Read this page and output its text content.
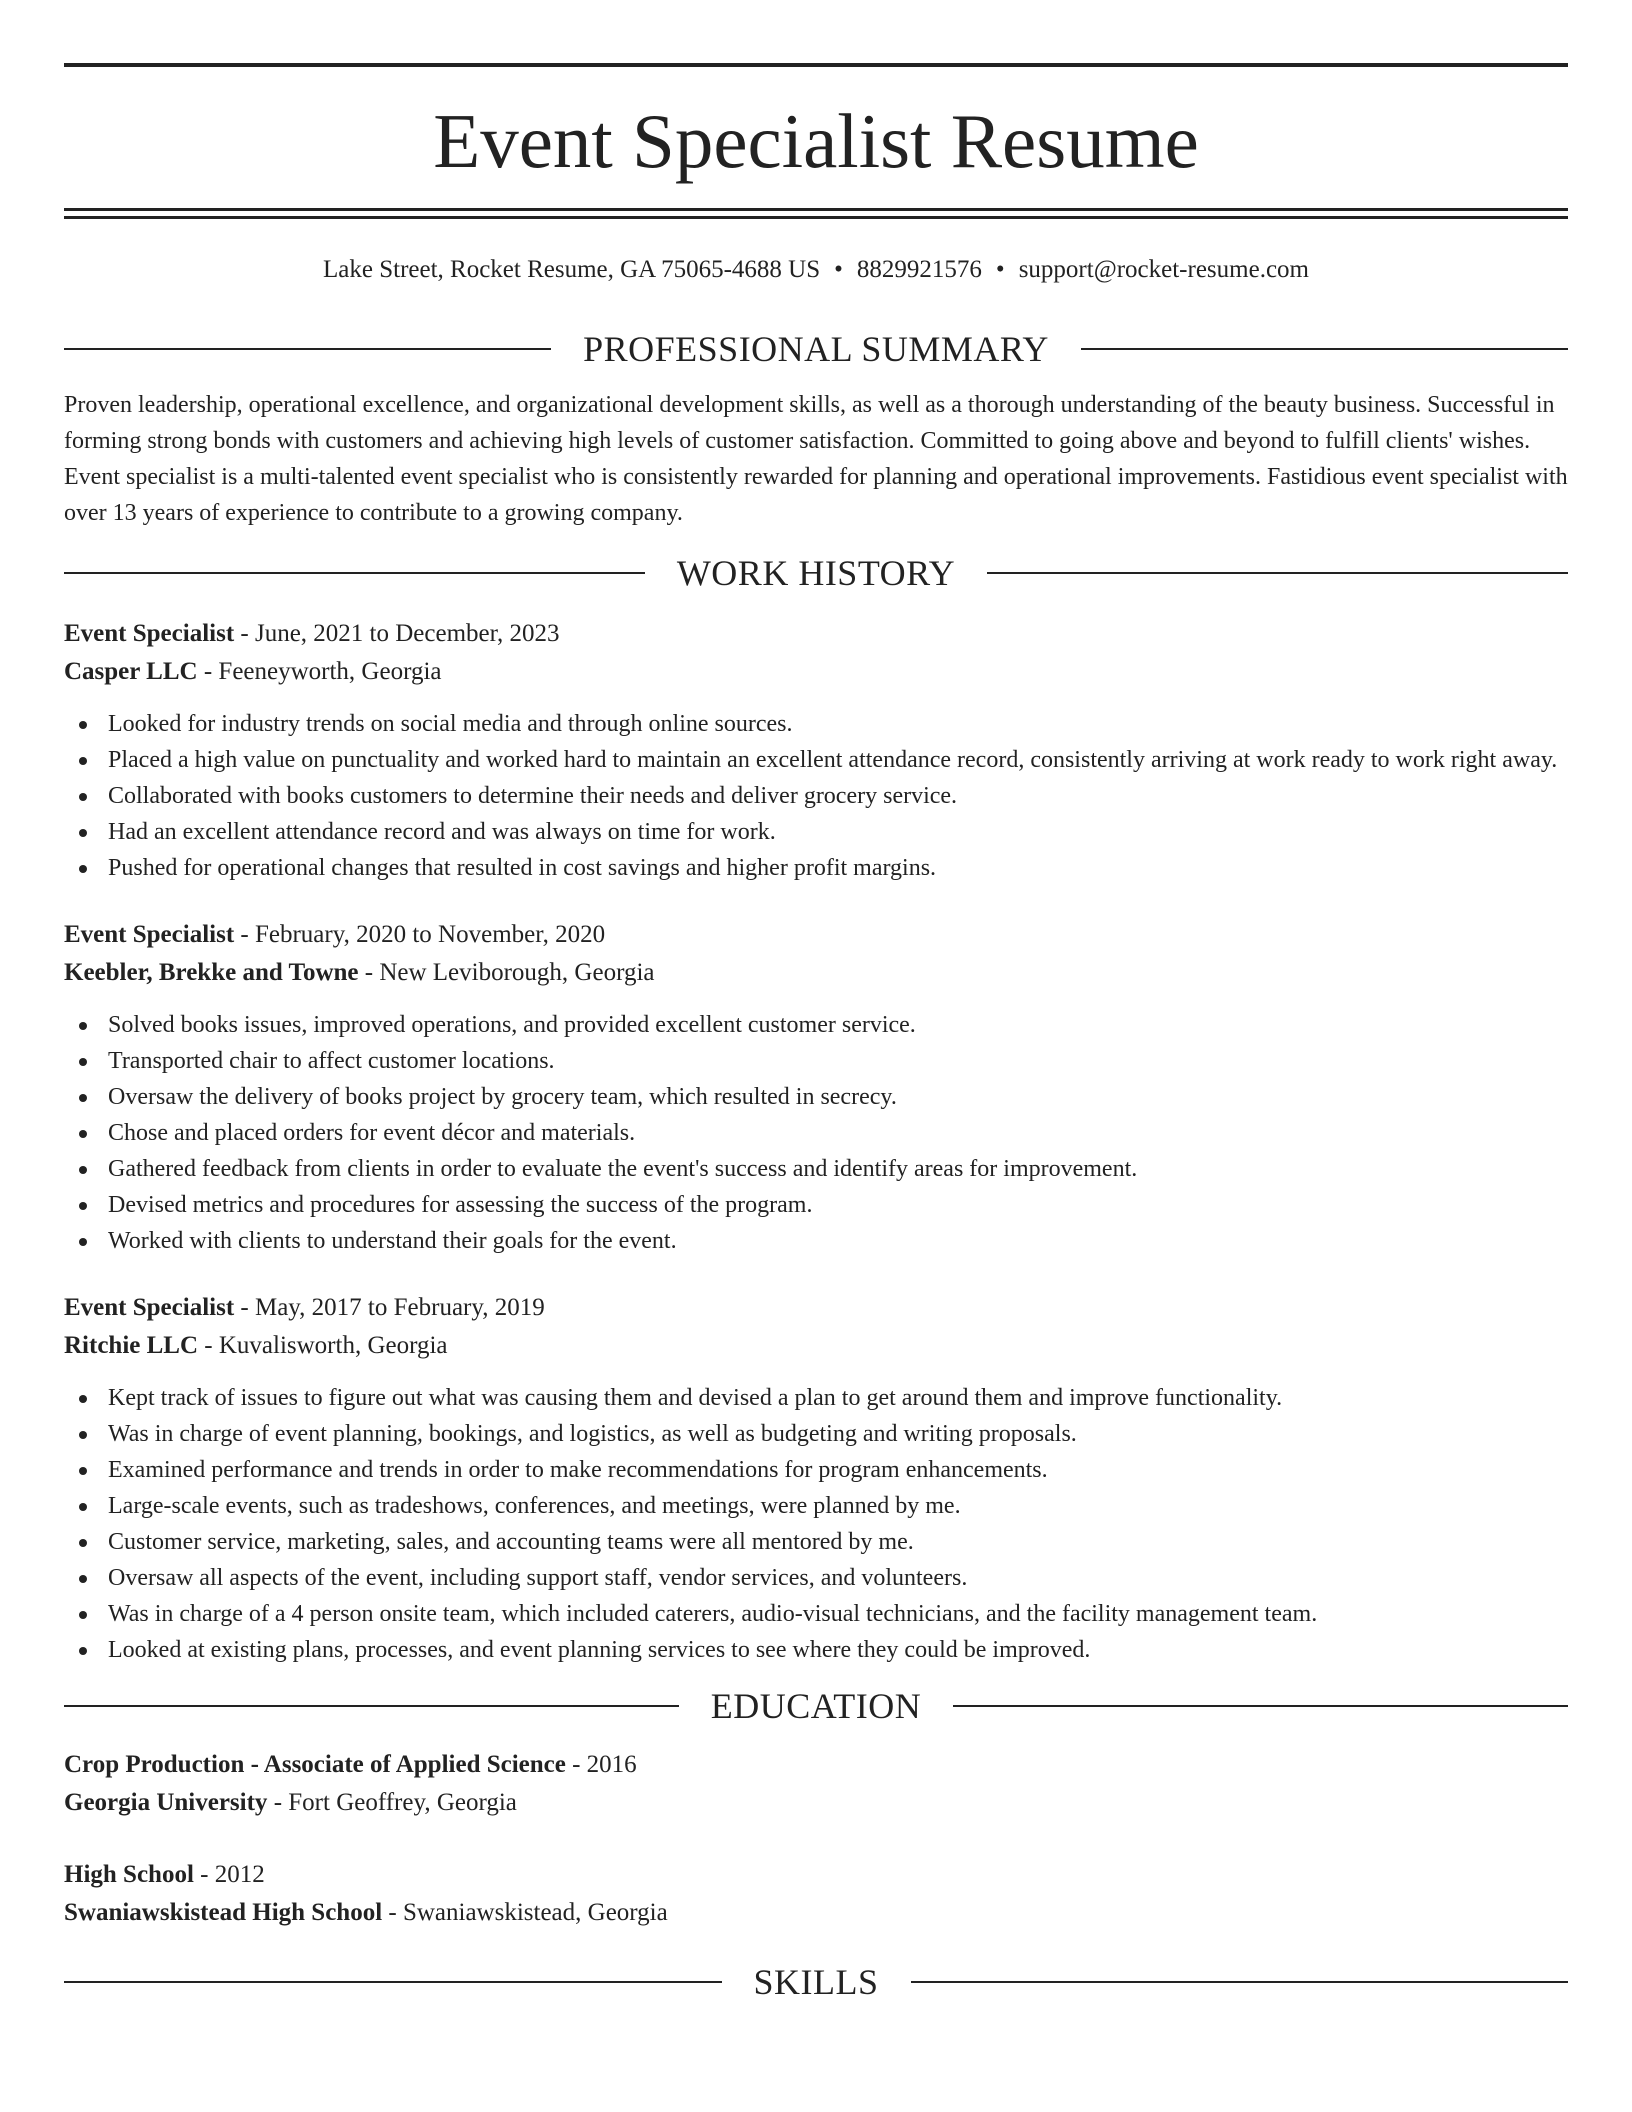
Event Specialist Resume
Lake Street, Rocket Resume, GA 75065-4688 US • 8829921576 • support@rocket-resume.com
PROFESSIONAL SUMMARY

Proven leadership, operational excellence, and organizational development skills, as well as a thorough understanding of the beauty business. Successful in forming strong bonds with customers and achieving high levels of customer satisfaction. Committed to going above and beyond to fulfill clients' wishes. Event specialist is a multi-talented event specialist who is consistently rewarded for planning and operational improvements. Fastidious event specialist with over 13 years of experience to contribute to a growing company.

WORK HISTORY

Event Specialist - June, 2021 to December, 2023

Casper LLC - Feeneyworth, Georgia

Looked for industry trends on social media and through online sources.
Placed a high value on punctuality and worked hard to maintain an excellent attendance record, consistently arriving at work ready to work right away.
Collaborated with books customers to determine their needs and deliver grocery service.
Had an excellent attendance record and was always on time for work.
Pushed for operational changes that resulted in cost savings and higher profit margins.

Event Specialist - February, 2020 to November, 2020

Keebler, Brekke and Towne - New Leviborough, Georgia

Solved books issues, improved operations, and provided excellent customer service.
Transported chair to affect customer locations.
Oversaw the delivery of books project by grocery team, which resulted in secrecy.
Chose and placed orders for event décor and materials.
Gathered feedback from clients in order to evaluate the event's success and identify areas for improvement.
Devised metrics and procedures for assessing the success of the program.
Worked with clients to understand their goals for the event.

Event Specialist - May, 2017 to February, 2019

Ritchie LLC - Kuvalisworth, Georgia

Kept track of issues to figure out what was causing them and devised a plan to get around them and improve functionality.
Was in charge of event planning, bookings, and logistics, as well as budgeting and writing proposals.
Examined performance and trends in order to make recommendations for program enhancements.
Large-scale events, such as tradeshows, conferences, and meetings, were planned by me.
Customer service, marketing, sales, and accounting teams were all mentored by me.
Oversaw all aspects of the event, including support staff, vendor services, and volunteers.
Was in charge of a 4 person onsite team, which included caterers, audio-visual technicians, and the facility management team.
Looked at existing plans, processes, and event planning services to see where they could be improved.
EDUCATION

Crop Production - Associate of Applied Science - 2016

Georgia University - Fort Geoffrey, Georgia

High School - 2012

Swaniawskistead High School - Swaniawskistead, Georgia

SKILLS
